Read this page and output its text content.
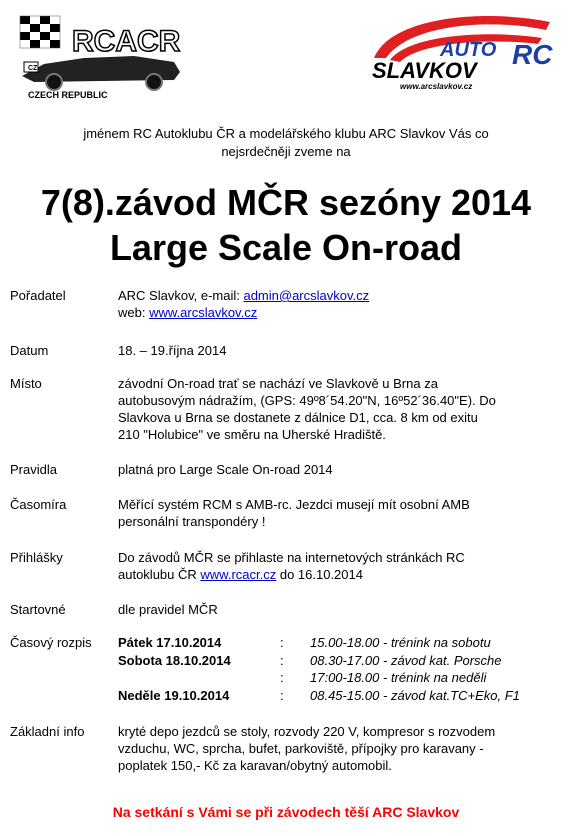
CZ
RCACR
CZECH REPUBLIC
AUTO RC
SLAVKOV
www.arcslavkov.cz
jménem RC Autoklubu ČR a modelářského klubu ARC Slavkov Vás co
nejsrdečněji zveme na
7(8).závod MČR sezóny 2014
Large Scale On-road
Pořadatel	ARC Slavkov, e-mail: admin@arcslavkov.cz
web: www.arcslavkov.cz
Datum	18. – 19.října 2014
Místo	závodní On-road trať se nachází ve Slavkově u Brna za
autobusovým nádražím, (GPS: 49º8´54.20"N, 16º52´36.40"E). Do
Slavkova u Brna se dostanete z dálnice D1, cca. 8 km od exitu
210 "Holubice" ve směru na Uherské Hradiště.
Pravidla	platná pro Large Scale On-road 2014
Časomíra	Měřící systém RCM s AMB-rc. Jezdci musejí mít osobní AMB
personální transpondéry !
Přihlášky	Do závodů MČR se přihlaste na internetových stránkách RC
autoklubu ČR www.rcacr.cz do 16.10.2014
Startovné	dle pravidel MČR
Časový rozpis	Pátek 17.10.2014	:	15.00-18.00 - trénink na sobotu
Sobota 18.10.2014	:	08.30-17.00 - závod kat. Porsche
:	17:00-18.00 - trénink na neděli
Neděle 19.10.2014	:	08.45-15.00 - závod kat.TC+Eko, F1
Základní info	kryté depo jezdců se stoly, rozvody 220 V, kompresor s rozvodem
vzduchu, WC, sprcha, bufet, parkoviště, přípojky pro karavany -
poplatek 150,- Kč za karavan/obytný automobil.
Na setkání s Vámi se při závodech těší ARC Slavkov
